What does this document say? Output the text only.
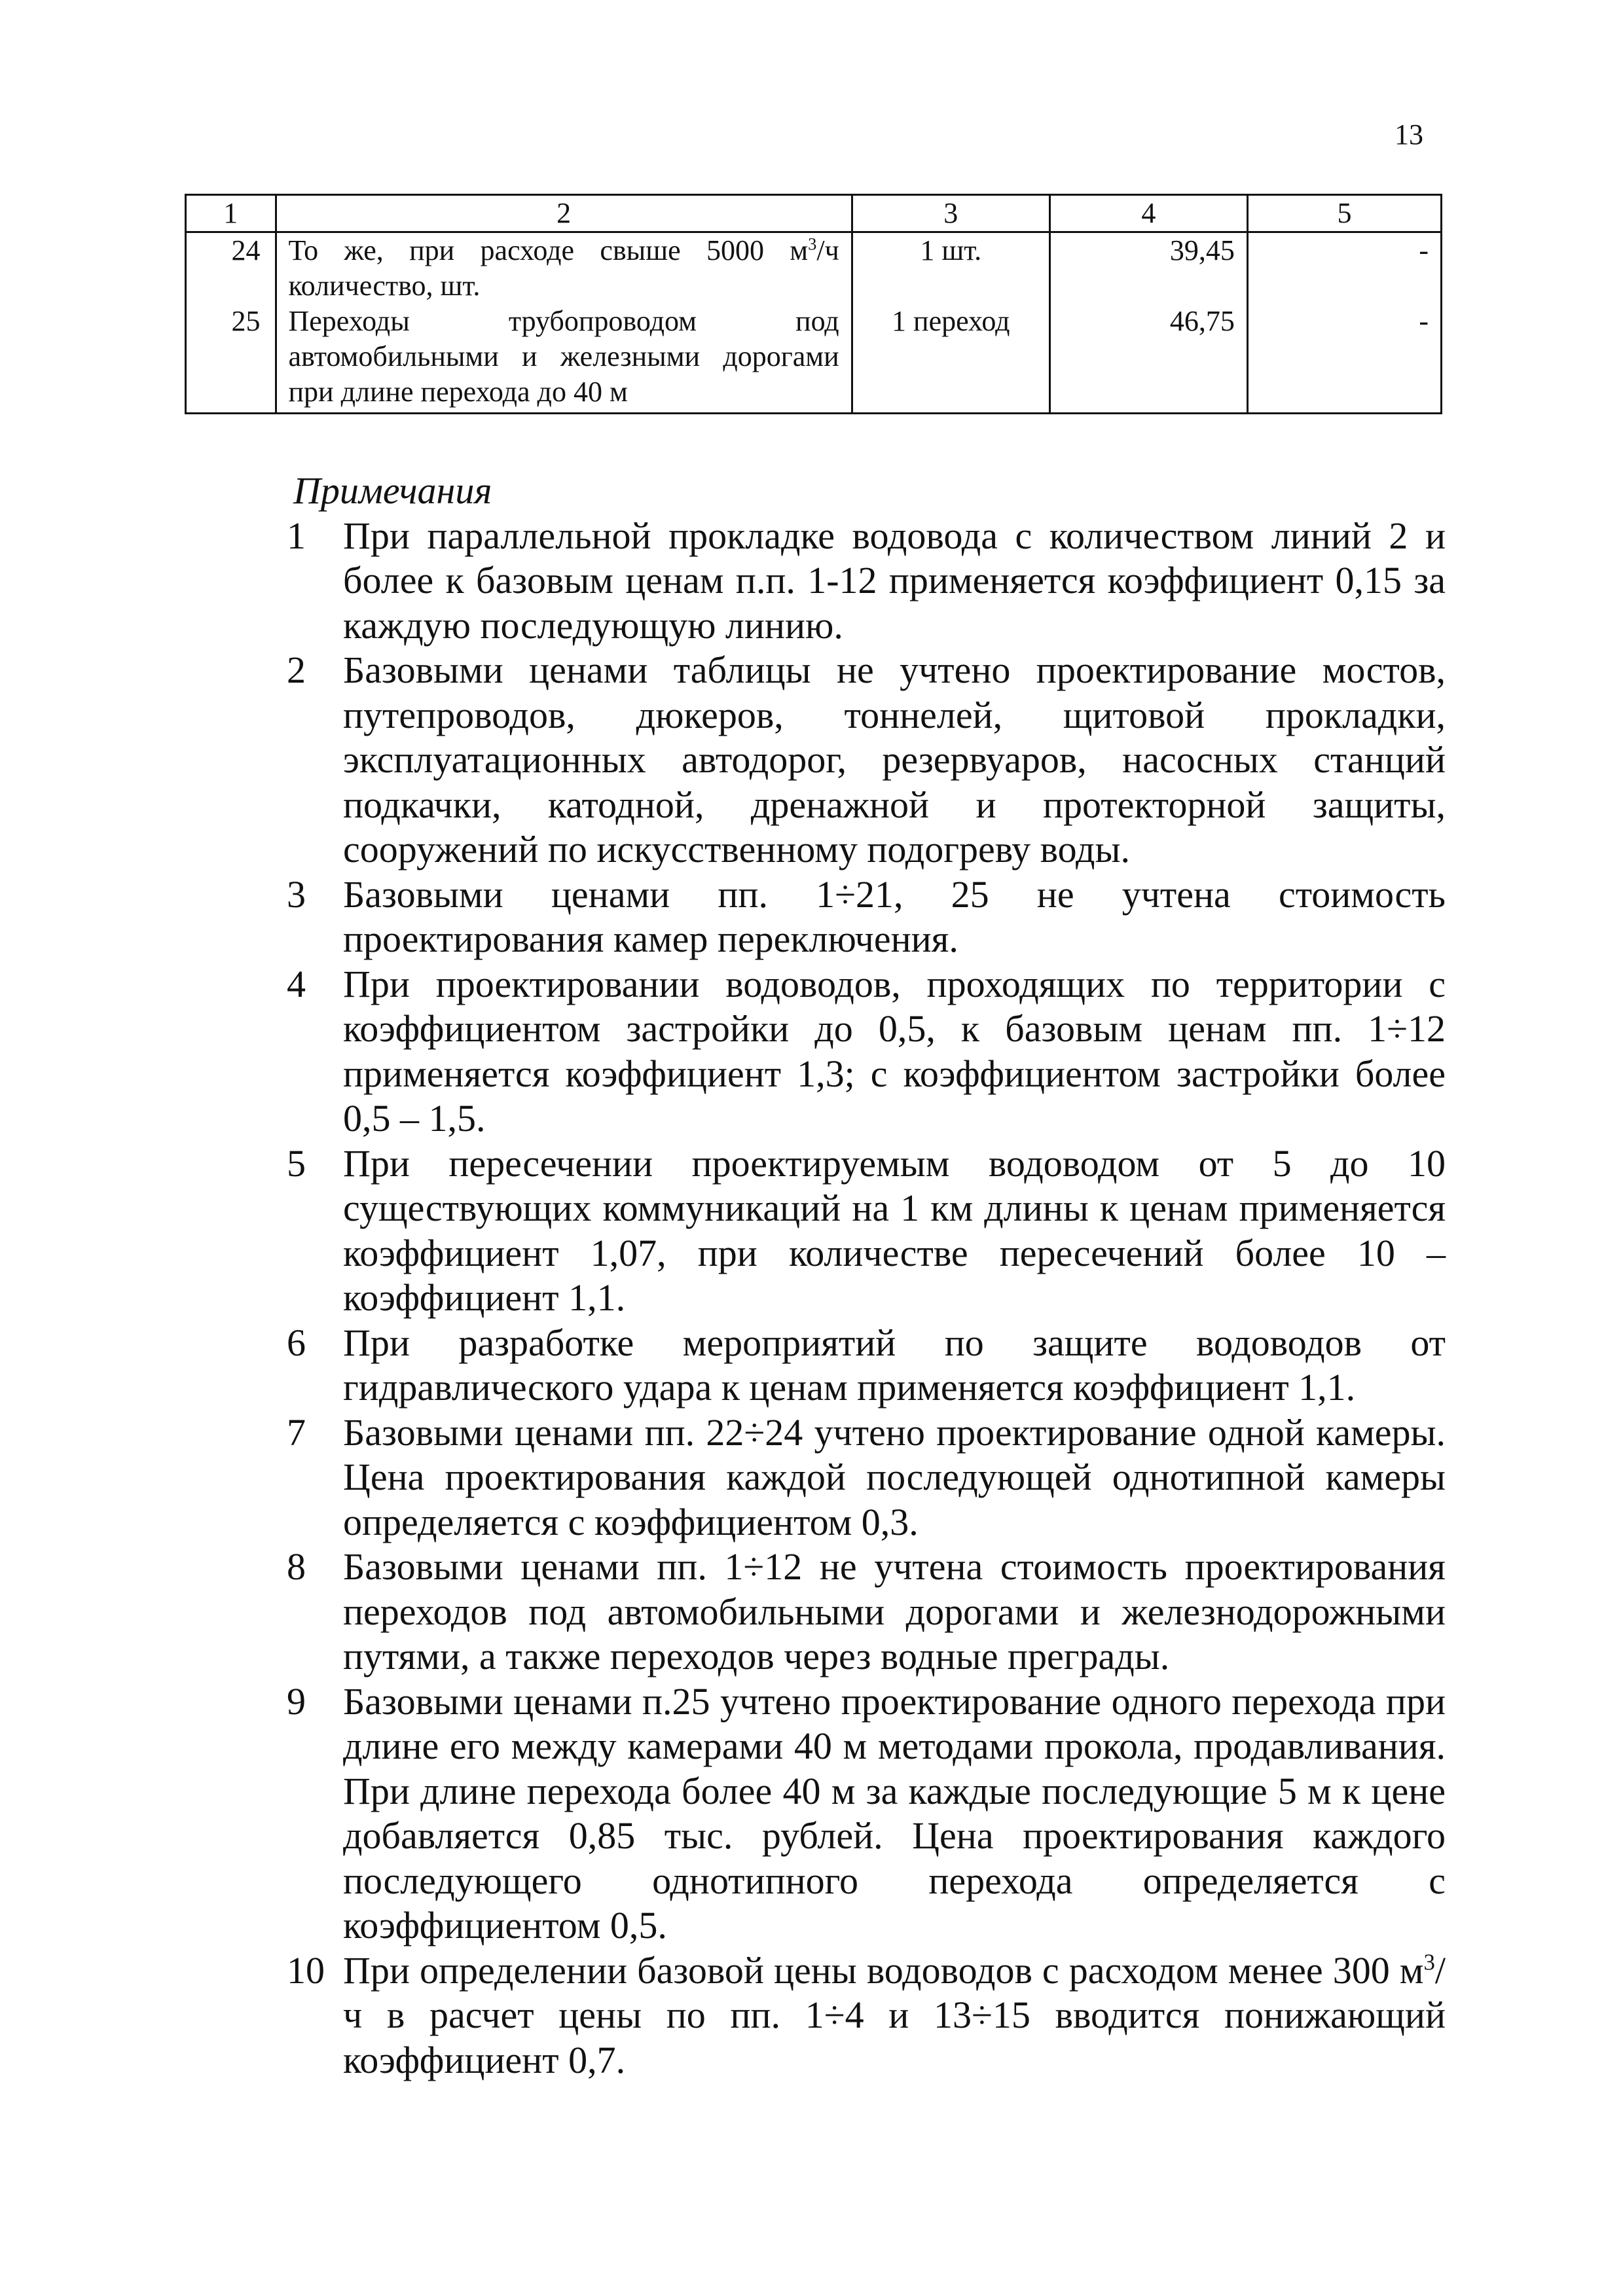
13
1	2	3	4	5
24	То же, при расходе свыше 5000 $м^3/ч$ количество, шт.	1 шт.	39,45	-
25	Переходы трубопроводом под автомобильными и железными дорогами при длине перехода до 40 м	1 переход	46,75	-
Примечания
1 При параллельной прокладке водовода с количеством линий 2 и более к базовым ценам п.п. 1-12 применяется коэффициент 0,15 за каждую последующую линию.
2 Базовыми ценами таблицы не учтено проектирование мостов, путепроводов, дюкеров, тоннелей, щитовой прокладки, эксплуатационных автодорог, резервуаров, насосных станций подкачки, катодной, дренажной и протекторной защиты, сооружений по искусственному подогреву воды.
3 Базовыми ценами пп. 1÷21, 25 не учтена стоимость проектирования камер переключения.
4 При проектировании водоводов, проходящих по территории с коэффициентом застройки до 0,5, к базовым ценам пп. 1÷12 применяется коэффициент 1,3; с коэффициентом застройки более 0,5 – 1,5.
5 При пересечении проектируемым водоводом от 5 до 10 существующих коммуникаций на 1 км длины к ценам применяется коэффициент 1,07, при количестве пересечений более 10 – коэффициент 1,1.
6 При разработке мероприятий по защите водоводов от гидравлического удара к ценам применяется коэффициент 1,1.
7 Базовыми ценами пп. 22÷24 учтено проектирование одной камеры. Цена проектирования каждой последующей однотипной камеры определяется с коэффициентом 0,3.
8 Базовыми ценами пп. 1÷12 не учтена стоимость проектирования переходов под автомобильными дорогами и железнодорожными путями, а также переходов через водные преграды.
9 Базовыми ценами п.25 учтено проектирование одного перехода при длине его между камерами 40 м методами прокола, продавливания. При длине перехода более 40 м за каждые последующие 5 м к цене добавляется 0,85 тыс. рублей. Цена проектирования каждого последующего однотипного перехода определяется с коэффициентом 0,5.
10 При определении базовой цены водоводов с расходом менее 300 $м^3/ч$ в расчет цены по пп. 1÷4 и 13÷15 вводится понижающий коэффициент 0,7.
